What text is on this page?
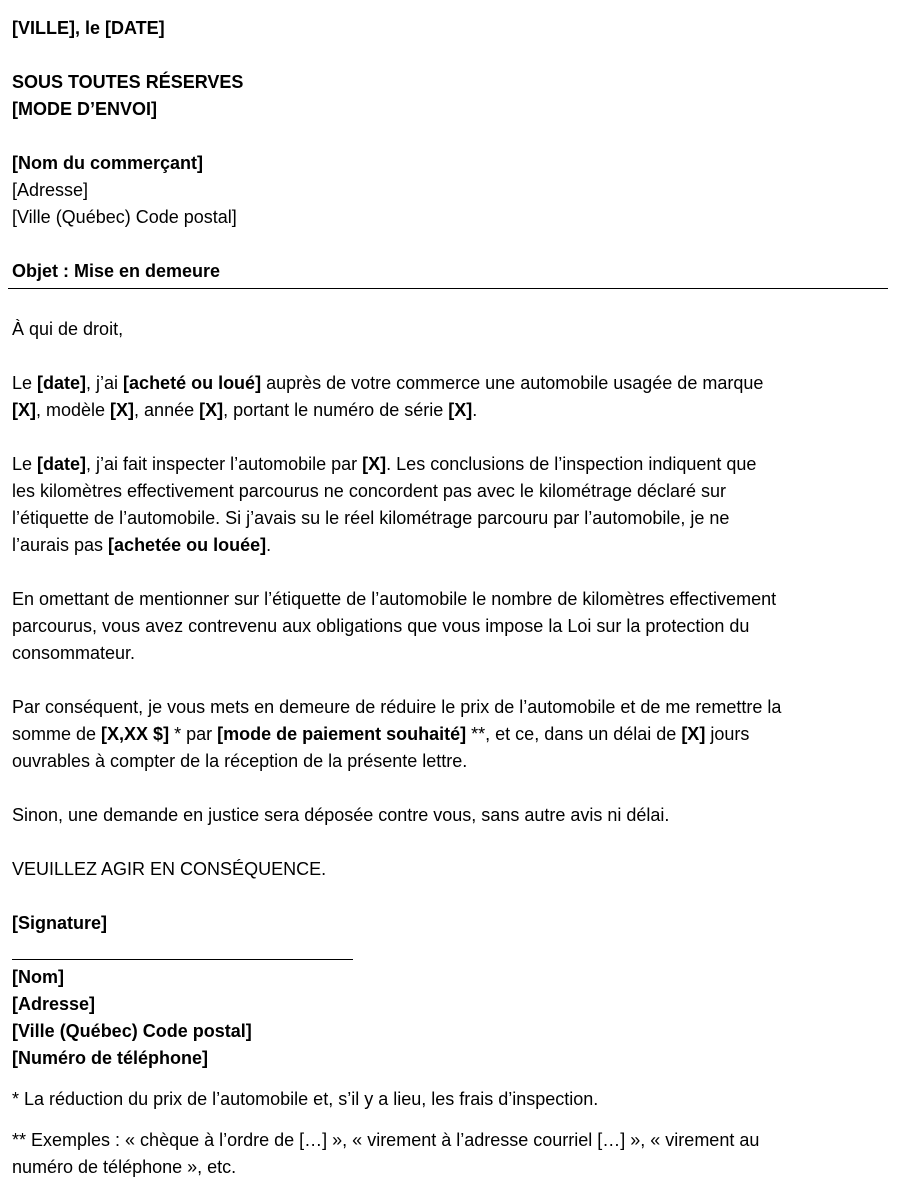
[VILLE], le [DATE]
SOUS TOUTES RÉSERVES
[MODE D’ENVOI]
[Nom du commerçant]
[Adresse]
[Ville (Québec) Code postal]
Objet : Mise en demeure
À qui de droit,
Le [date], j’ai [acheté ou loué] auprès de votre commerce une automobile usagée de marque
[X], modèle [X], année [X], portant le numéro de série [X].
Le [date], j’ai fait inspecter l’automobile par [X]. Les conclusions de l’inspection indiquent que
les kilomètres effectivement parcourus ne concordent pas avec le kilométrage déclaré sur
l’étiquette de l’automobile. Si j’avais su le réel kilométrage parcouru par l’automobile, je ne
l’aurais pas [achetée ou louée].
En omettant de mentionner sur l’étiquette de l’automobile le nombre de kilomètres effectivement
parcourus, vous avez contrevenu aux obligations que vous impose la Loi sur la protection du
consommateur.
Par conséquent, je vous mets en demeure de réduire le prix de l’automobile et de me remettre la
somme de [X,XX $] * par [mode de paiement souhaité] **, et ce, dans un délai de [X] jours
ouvrables à compter de la réception de la présente lettre.
Sinon, une demande en justice sera déposée contre vous, sans autre avis ni délai.
VEUILLEZ AGIR EN CONSÉQUENCE.
[Signature]
[Nom]
[Adresse]
[Ville (Québec) Code postal]
[Numéro de téléphone]
* La réduction du prix de l’automobile et, s’il y a lieu, les frais d’inspection.
** Exemples : « chèque à l’ordre de […] », « virement à l’adresse courriel […] », « virement au
numéro de téléphone », etc.
